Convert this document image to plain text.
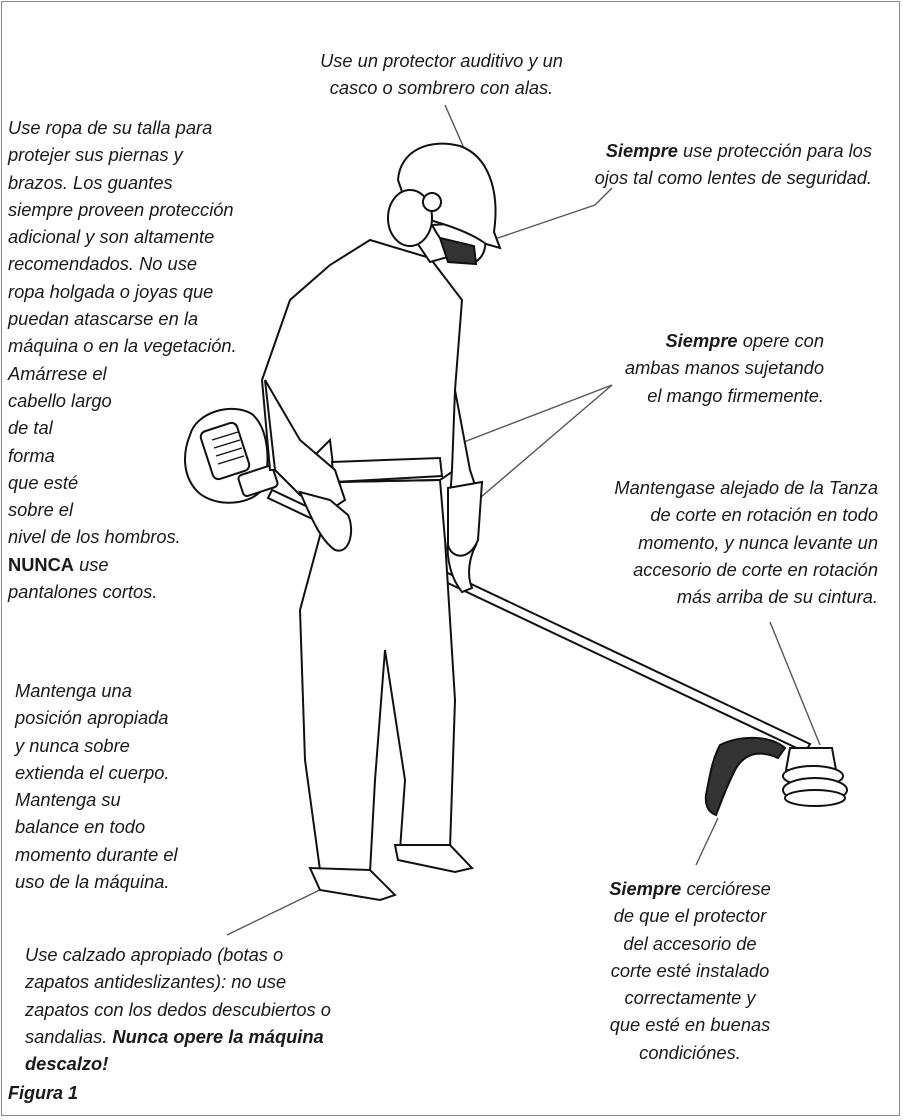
Use un protector auditivo y un
casco o sombrero con alas.
Siempre use protección para los
ojos tal como lentes de seguridad.
Use ropa de su talla para
protejer sus piernas y
brazos. Los guantes
siempre proveen protección
adicional y son altamente
recomendados. No use
ropa holgada o joyas que
puedan atascarse en la
máquina o en la vegetación.
Amárrese el
cabello largo
de tal
forma
que esté
sobre el
nivel de los hombros.
NUNCA use
pantalones cortos.
Siempre opere con
ambas manos sujetando
el mango firmemente.
Mantengase alejado de la Tanza
de corte en rotación en todo
momento, y nunca levante un
accesorio de corte en rotación
más arriba de su cintura.
Mantenga una
posición apropiada
y nunca sobre
extienda el cuerpo.
Mantenga su
balance en todo
momento durante el
uso de la máquina.	Siempre cerciórese
de que el protector
del accesorio de
corte esté instalado
correctamente y
que esté en buenas
condiciónes.
Use calzado apropiado (botas o
zapatos antideslizantes): no use
zapatos con los dedos descubiertos o
sandalias. Nunca opere la máquina
descalzo!
Figura 1
